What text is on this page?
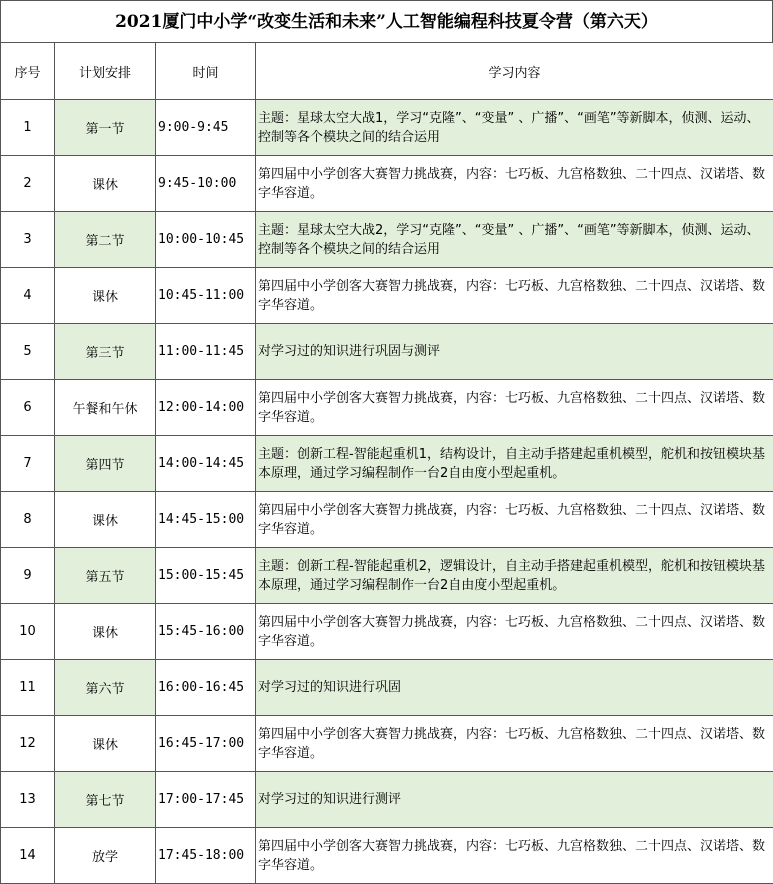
2021厦门中小学“改变生活和未来”人工智能编程科技夏令营（第六天）
序号	计划安排	时间	学习内容
1	第一节	9:00-9:45	主题：星球太空大战1，学习“克隆”、“变量” 、广播”、“画笔”等新脚本，侦测、运动、控制等各个模块之间的结合运用
2	课休	9:45-10:00	第四届中小学创客大赛智力挑战赛，内容：七巧板、九宫格数独、二十四点、汉诺塔、数字华容道。
3	第二节	10:00-10:45	主题：星球太空大战2，学习“克隆”、“变量” 、广播”、“画笔”等新脚本，侦测、运动、控制等各个模块之间的结合运用
4	课休	10:45-11:00	第四届中小学创客大赛智力挑战赛，内容：七巧板、九宫格数独、二十四点、汉诺塔、数字华容道。
5	第三节	11:00-11:45	对学习过的知识进行巩固与测评
6	午餐和午休	12:00-14:00	第四届中小学创客大赛智力挑战赛，内容：七巧板、九宫格数独、二十四点、汉诺塔、数字华容道。
7	第四节	14:00-14:45	主题：创新工程-智能起重机1，结构设计，自主动手搭建起重机模型，舵机和按钮模块基本原理，通过学习编程制作一台2自由度小型起重机。
8	课休	14:45-15:00	第四届中小学创客大赛智力挑战赛，内容：七巧板、九宫格数独、二十四点、汉诺塔、数字华容道。
9	第五节	15:00-15:45	主题：创新工程-智能起重机2，逻辑设计，自主动手搭建起重机模型，舵机和按钮模块基本原理，通过学习编程制作一台2自由度小型起重机。
10	课休	15:45-16:00	第四届中小学创客大赛智力挑战赛，内容：七巧板、九宫格数独、二十四点、汉诺塔、数字华容道。
11	第六节	16:00-16:45	对学习过的知识进行巩固
12	课休	16:45-17:00	第四届中小学创客大赛智力挑战赛，内容：七巧板、九宫格数独、二十四点、汉诺塔、数字华容道。
13	第七节	17:00-17:45	对学习过的知识进行测评
14	放学	17:45-18:00	第四届中小学创客大赛智力挑战赛，内容：七巧板、九宫格数独、二十四点、汉诺塔、数字华容道。
